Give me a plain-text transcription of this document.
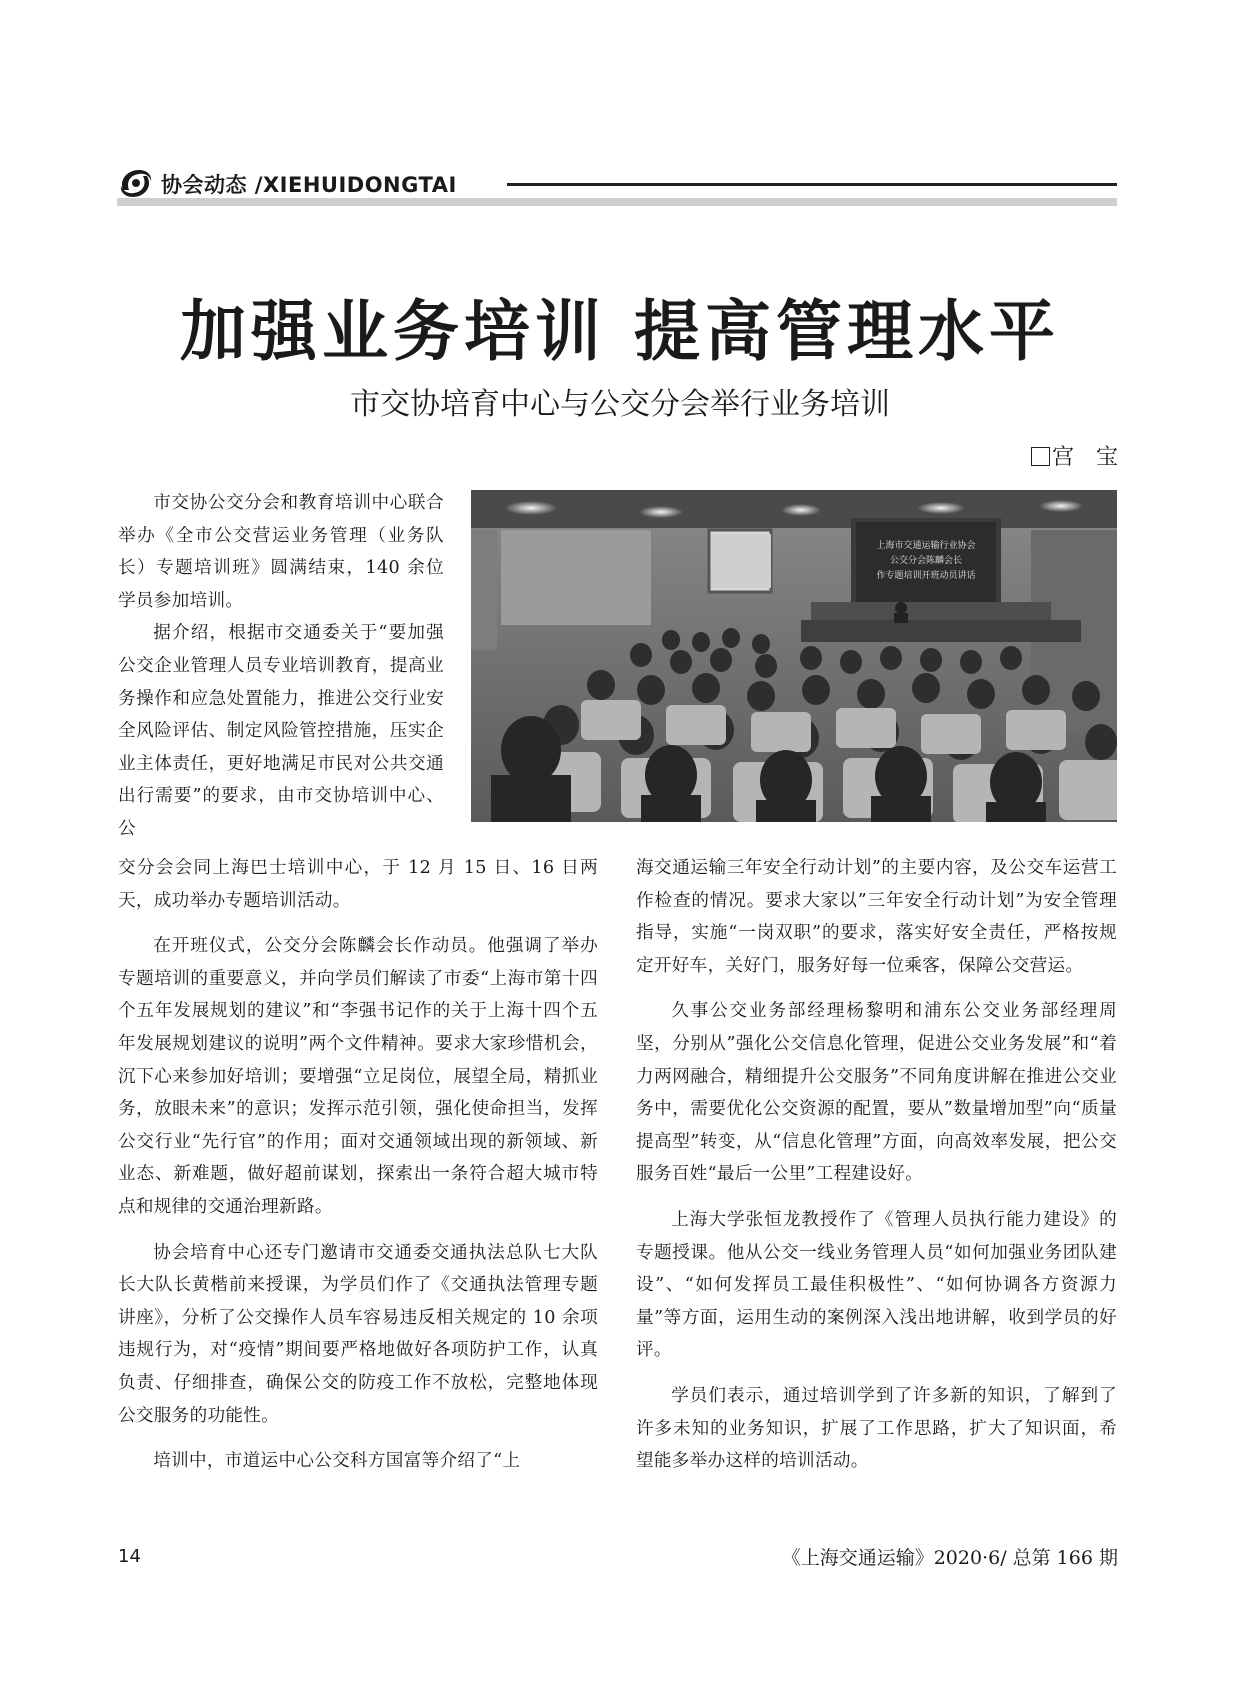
协会动态 /XIEHUIDONGTAI
加强业务培训 提高管理水平
市交协培育中心与公交分会举行业务培训
宫　宝
上海市交通运输行业协会
公交分会陈麟会长
作专题培训开班动员讲话

市交协公交分会和教育培训中心联合举办《全市公交营运业务管理（业务队长）专题培训班》圆满结束，140 余位学员参加培训。

据介绍，根据市交通委关于“要加强公交企业管理人员专业培训教育，提高业务操作和应急处置能力，推进公交行业安全风险评估、制定风险管控措施，压实企业主体责任，更好地满足市民对公共交通出行需要”的要求，由市交协培训中心、公

交分会会同上海巴士培训中心，于 12 月 15 日、16 日两天，成功举办专题培训活动。

在开班仪式，公交分会陈麟会长作动员。他强调了举办专题培训的重要意义，并向学员们解读了市委“上海市第十四个五年发展规划的建议”和“李强书记作的关于上海十四个五年发展规划建议的说明”两个文件精神。要求大家珍惜机会，沉下心来参加好培训；要增强“立足岗位，展望全局，精抓业务，放眼未来”的意识；发挥示范引领，强化使命担当，发挥公交行业“先行官”的作用；面对交通领域出现的新领域、新业态、新难题，做好超前谋划，探索出一条符合超大城市特点和规律的交通治理新路。

协会培育中心还专门邀请市交通委交通执法总队七大队长大队长黄楷前来授课，为学员们作了《交通执法管理专题讲座》，分析了公交操作人员车容易违反相关规定的 10 余项违规行为，对“疫情”期间要严格地做好各项防护工作，认真负责、仔细排查，确保公交的防疫工作不放松，完整地体现公交服务的功能性。

培训中，市道运中心公交科方国富等介绍了“上

海交通运输三年安全行动计划”的主要内容，及公交车运营工作检查的情况。要求大家以”三年安全行动计划”为安全管理指导，实施“一岗双职”的要求，落实好安全责任，严格按规定开好车，关好门，服务好每一位乘客，保障公交营运。

久事公交业务部经理杨黎明和浦东公交业务部经理周坚，分别从”强化公交信息化管理，促进公交业务发展”和“着力两网融合，精细提升公交服务”不同角度讲解在推进公交业务中，需要优化公交资源的配置，要从”数量增加型”向“质量提高型”转变，从“信息化管理”方面，向高效率发展，把公交服务百姓“最后一公里”工程建设好。

上海大学张恒龙教授作了《管理人员执行能力建设》的专题授课。他从公交一线业务管理人员“如何加强业务团队建设”、“如何发挥员工最佳积极性”、“如何协调各方资源力量”等方面，运用生动的案例深入浅出地讲解，收到学员的好评。

学员们表示，通过培训学到了许多新的知识，了解到了许多未知的业务知识，扩展了工作思路，扩大了知识面，希望能多举办这样的培训活动。

14	《上海交通运输》2020·6/ 总第 166 期
